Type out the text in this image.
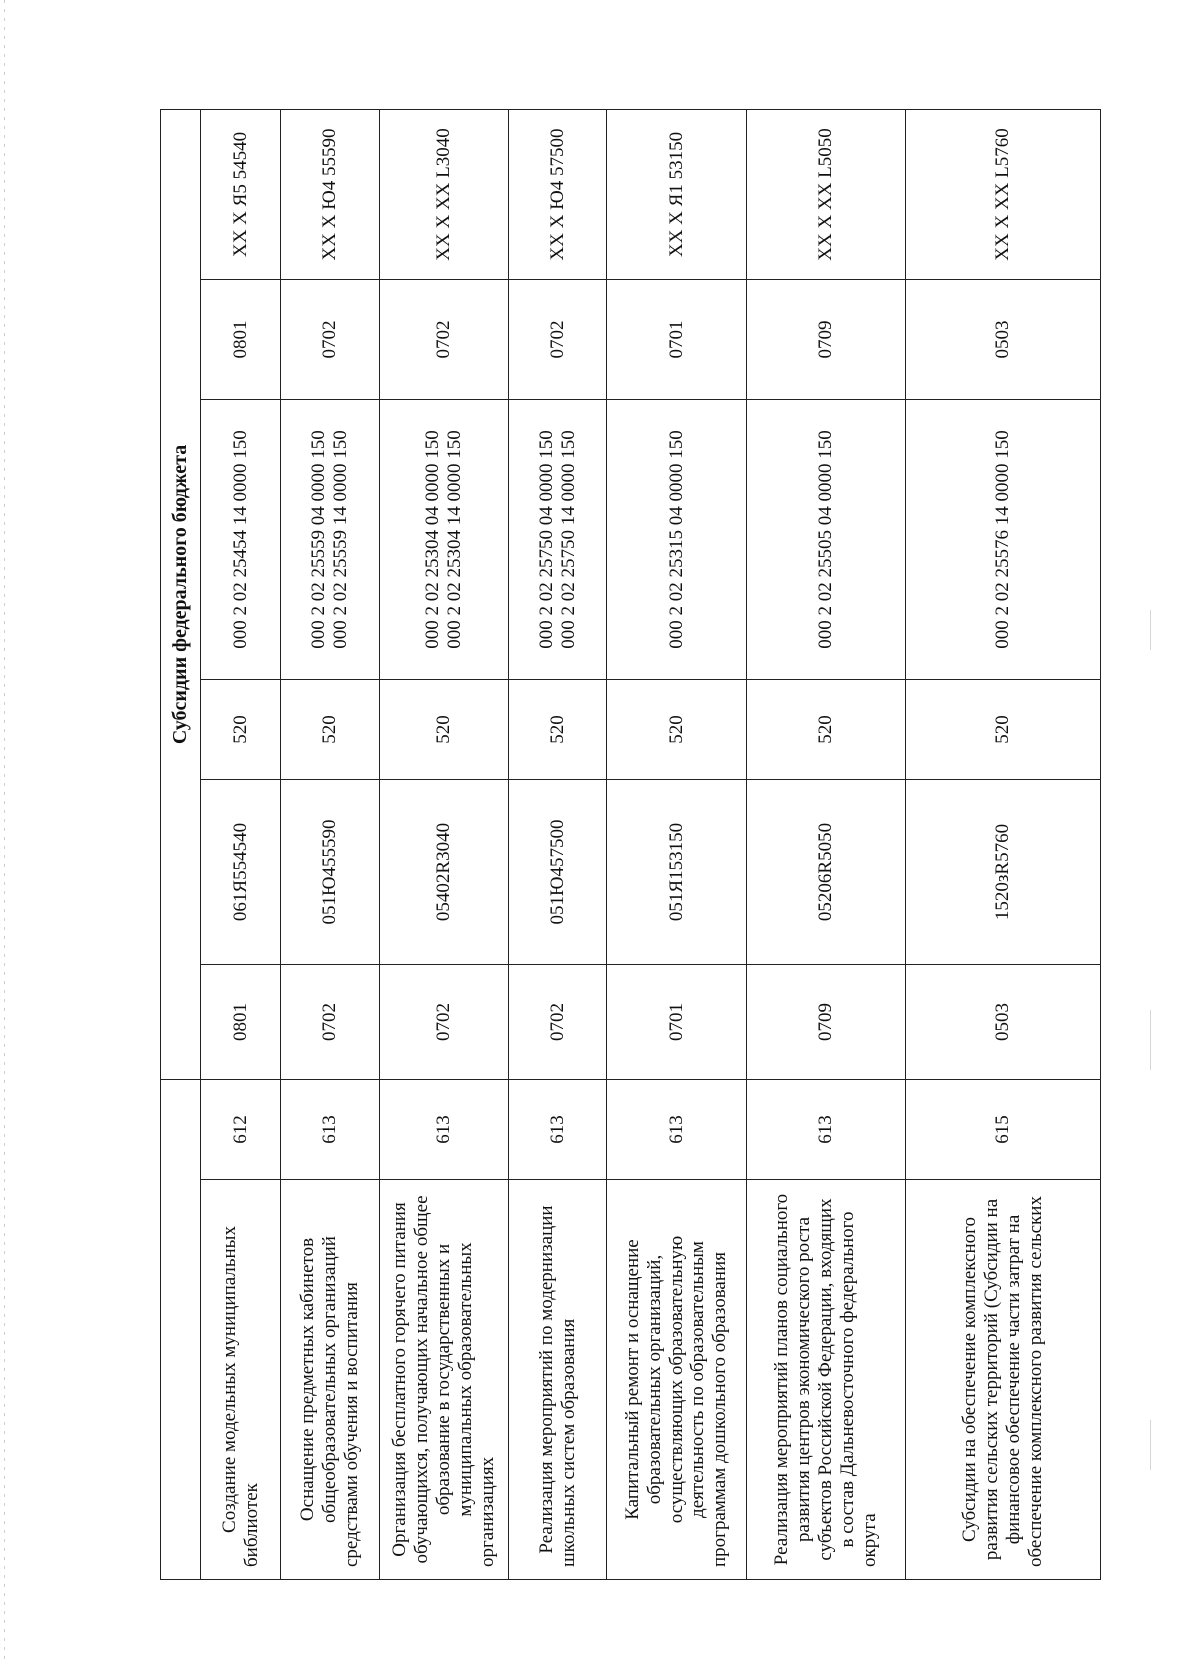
		Субсидии федерального бюджета					
Создание модельных муниципальных библиотек	612	0801	061Я554540	520	000 2 02 25454 14 0000 150	0801	XX X Я5 54540
Оснащение предметных кабинетов общеобразовательных организаций средствами обучения и воспитания	613	0702	051Ю455590	520	000 2 02 25559 04 0000 150 000 2 02 25559 14 0000 150	0702	XX X Ю4 55590
Организация бесплатного горячего питания обучающихся, получающих начальное общее образование в государственных и муниципальных образовательных организациях	613	0702	05402R3040	520	000 2 02 25304 04 0000 150 000 2 02 25304 14 0000 150	0702	XX X XX L3040
Реализация мероприятий по модернизации школьных систем образования	613	0702	051Ю457500	520	000 2 02 25750 04 0000 150 000 2 02 25750 14 0000 150	0702	XX X Ю4 57500
Капитальный ремонт и оснащение образовательных организаций, осуществляющих образовательную деятельность по образовательным программам дошкольного образования	613	0701	051Я153150	520	000 2 02 25315 04 0000 150	0701	XX X Я1 53150
Реализация мероприятий планов социального развития центров экономического роста субъектов Российской Федерации, входящих в состав Дальневосточного федерального округа	613	0709	05206R5050	520	000 2 02 25505 04 0000 150	0709	XX X XX L5050
Субсидии на обеспечение комплексного развития сельских территорий (Субсидии на финансовое обеспечение части затрат на обеспечение комплексного развития сельских	615	0503	1520зR5760	520	000 2 02 25576 14 0000 150	0503	XX X XX L5760
